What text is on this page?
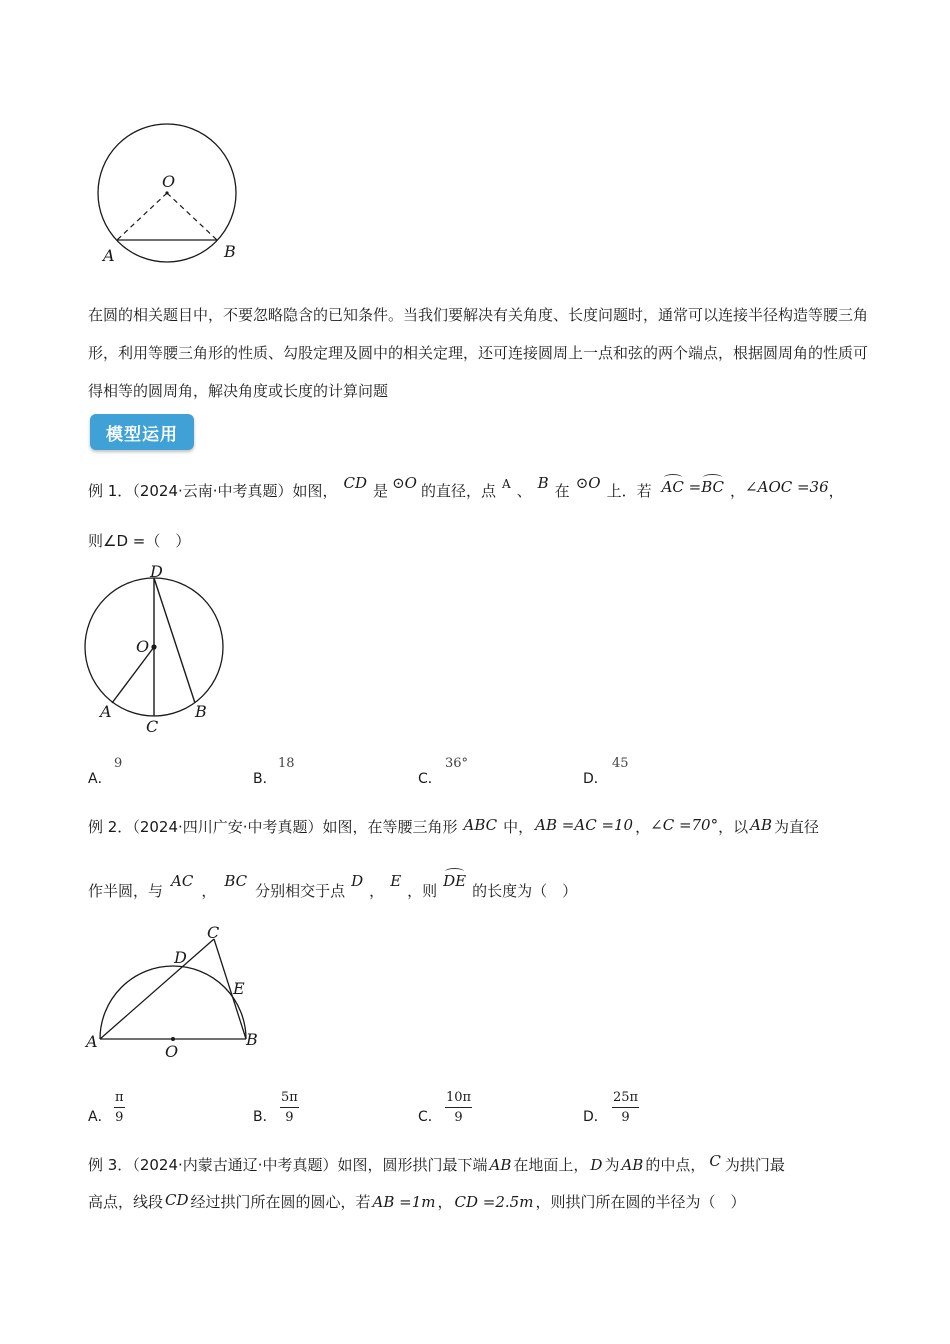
O
A	B
在圆的相关题目中，不要忽略隐含的已知条件。当我们要解决有关角度、长度问题时，通常可以连接半径构造等腰三角形，利用等腰三角形的性质、勾股定理及圆中的相关定理，还可连接圆周上一点和弦的两个端点，根据圆周角的性质可得相等的圆周角，解决角度或长度的计算问题
模型运用
例 1．（2024·云南·中考真题）如图， CD 是 ⊙O 的直径，点 $^A$ 、 B 在 ⊙O 上．若 AC =BC ，∠AOC =36，
则∠D =（　）
D
O
A
C
B
A．
9
B．
18
C．
36°
D．
45
例 2．（2024·四川广安·中考真题）如图，在等腰三角形 ABC 中， AB =AC =10 ，∠C =70°，以 AB 为直径
作半圆，与AC，BC分别相交于点D，E，则DE的长度为（　）
C
D
E
A
O
B
A． $\frac{\pi}{9}$	B． $\frac{5\pi}{9}$	C． $\frac{10\pi}{9}$	D． $\frac{25\pi}{9}$
例 3．（2024·内蒙古通辽·中考真题）如图，圆形拱门最下端 AB 在地面上， D 为 AB 的中点， C 为拱门最
高点，线段 CD 经过拱门所在圆的圆心，若 AB =1m ， CD =2.5m ，则拱门所在圆的半径为（　）
